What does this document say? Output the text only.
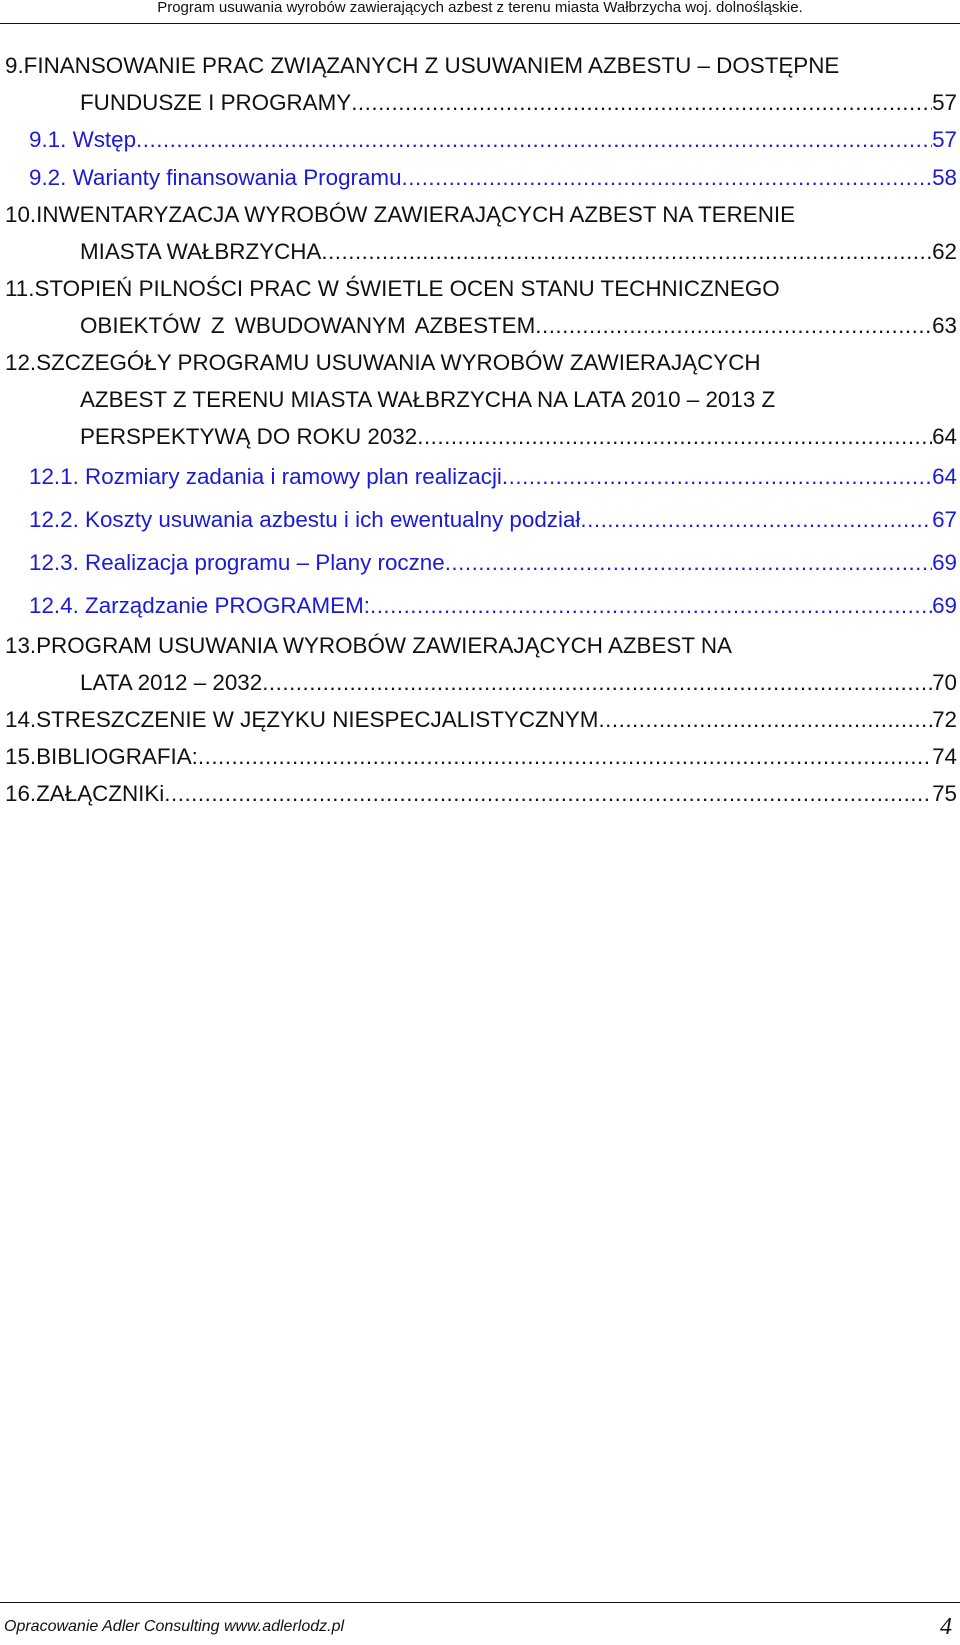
Program usuwania wyrobów zawierających azbest z terenu miasta Wałbrzycha woj. dolnośląskie.
9.FINANSOWANIE PRAC ZWIĄZANYCH Z USUWANIEM AZBESTU – DOSTĘPNE
FUNDUSZE I PROGRAMY .....	57
9.1. Wstęp .....	57
9.2. Warianty finansowania Programu .....	58
10.INWENTARYZACJA WYROBÓW ZAWIERAJĄCYCH AZBEST NA TERENIE
MIASTA WAŁBRZYCHA .....	62
11.STOPIEŃ PILNOŚCI PRAC W ŚWIETLE OCEN STANU TECHNICZNEGO
OBIEKTÓW Z WBUDOWANYM AZBESTEM .....	63
12.SZCZEGÓŁY PROGRAMU USUWANIA WYROBÓW ZAWIERAJĄCYCH
AZBEST Z TERENU MIASTA WAŁBRZYCHA NA LATA 2010 – 2013 Z
PERSPEKTYWĄ DO ROKU 2032 .....	64
12.1. Rozmiary zadania i ramowy plan realizacji .....	64
12.2. Koszty usuwania azbestu i ich ewentualny podział .....	67
12.3. Realizacja programu – Plany roczne .....	69
12.4. Zarządzanie PROGRAMEM: .....	69
13.PROGRAM USUWANIA WYROBÓW ZAWIERAJĄCYCH AZBEST NA
LATA 2012 – 2032 .....	70
14.STRESZCZENIE W JĘZYKU NIESPECJALISTYCZNYM .....	72
15.BIBLIOGRAFIA: .....	74
16.ZAŁĄCZNIKi .....	75
Opracowanie Adler Consulting www.adlerlodz.pl	4
